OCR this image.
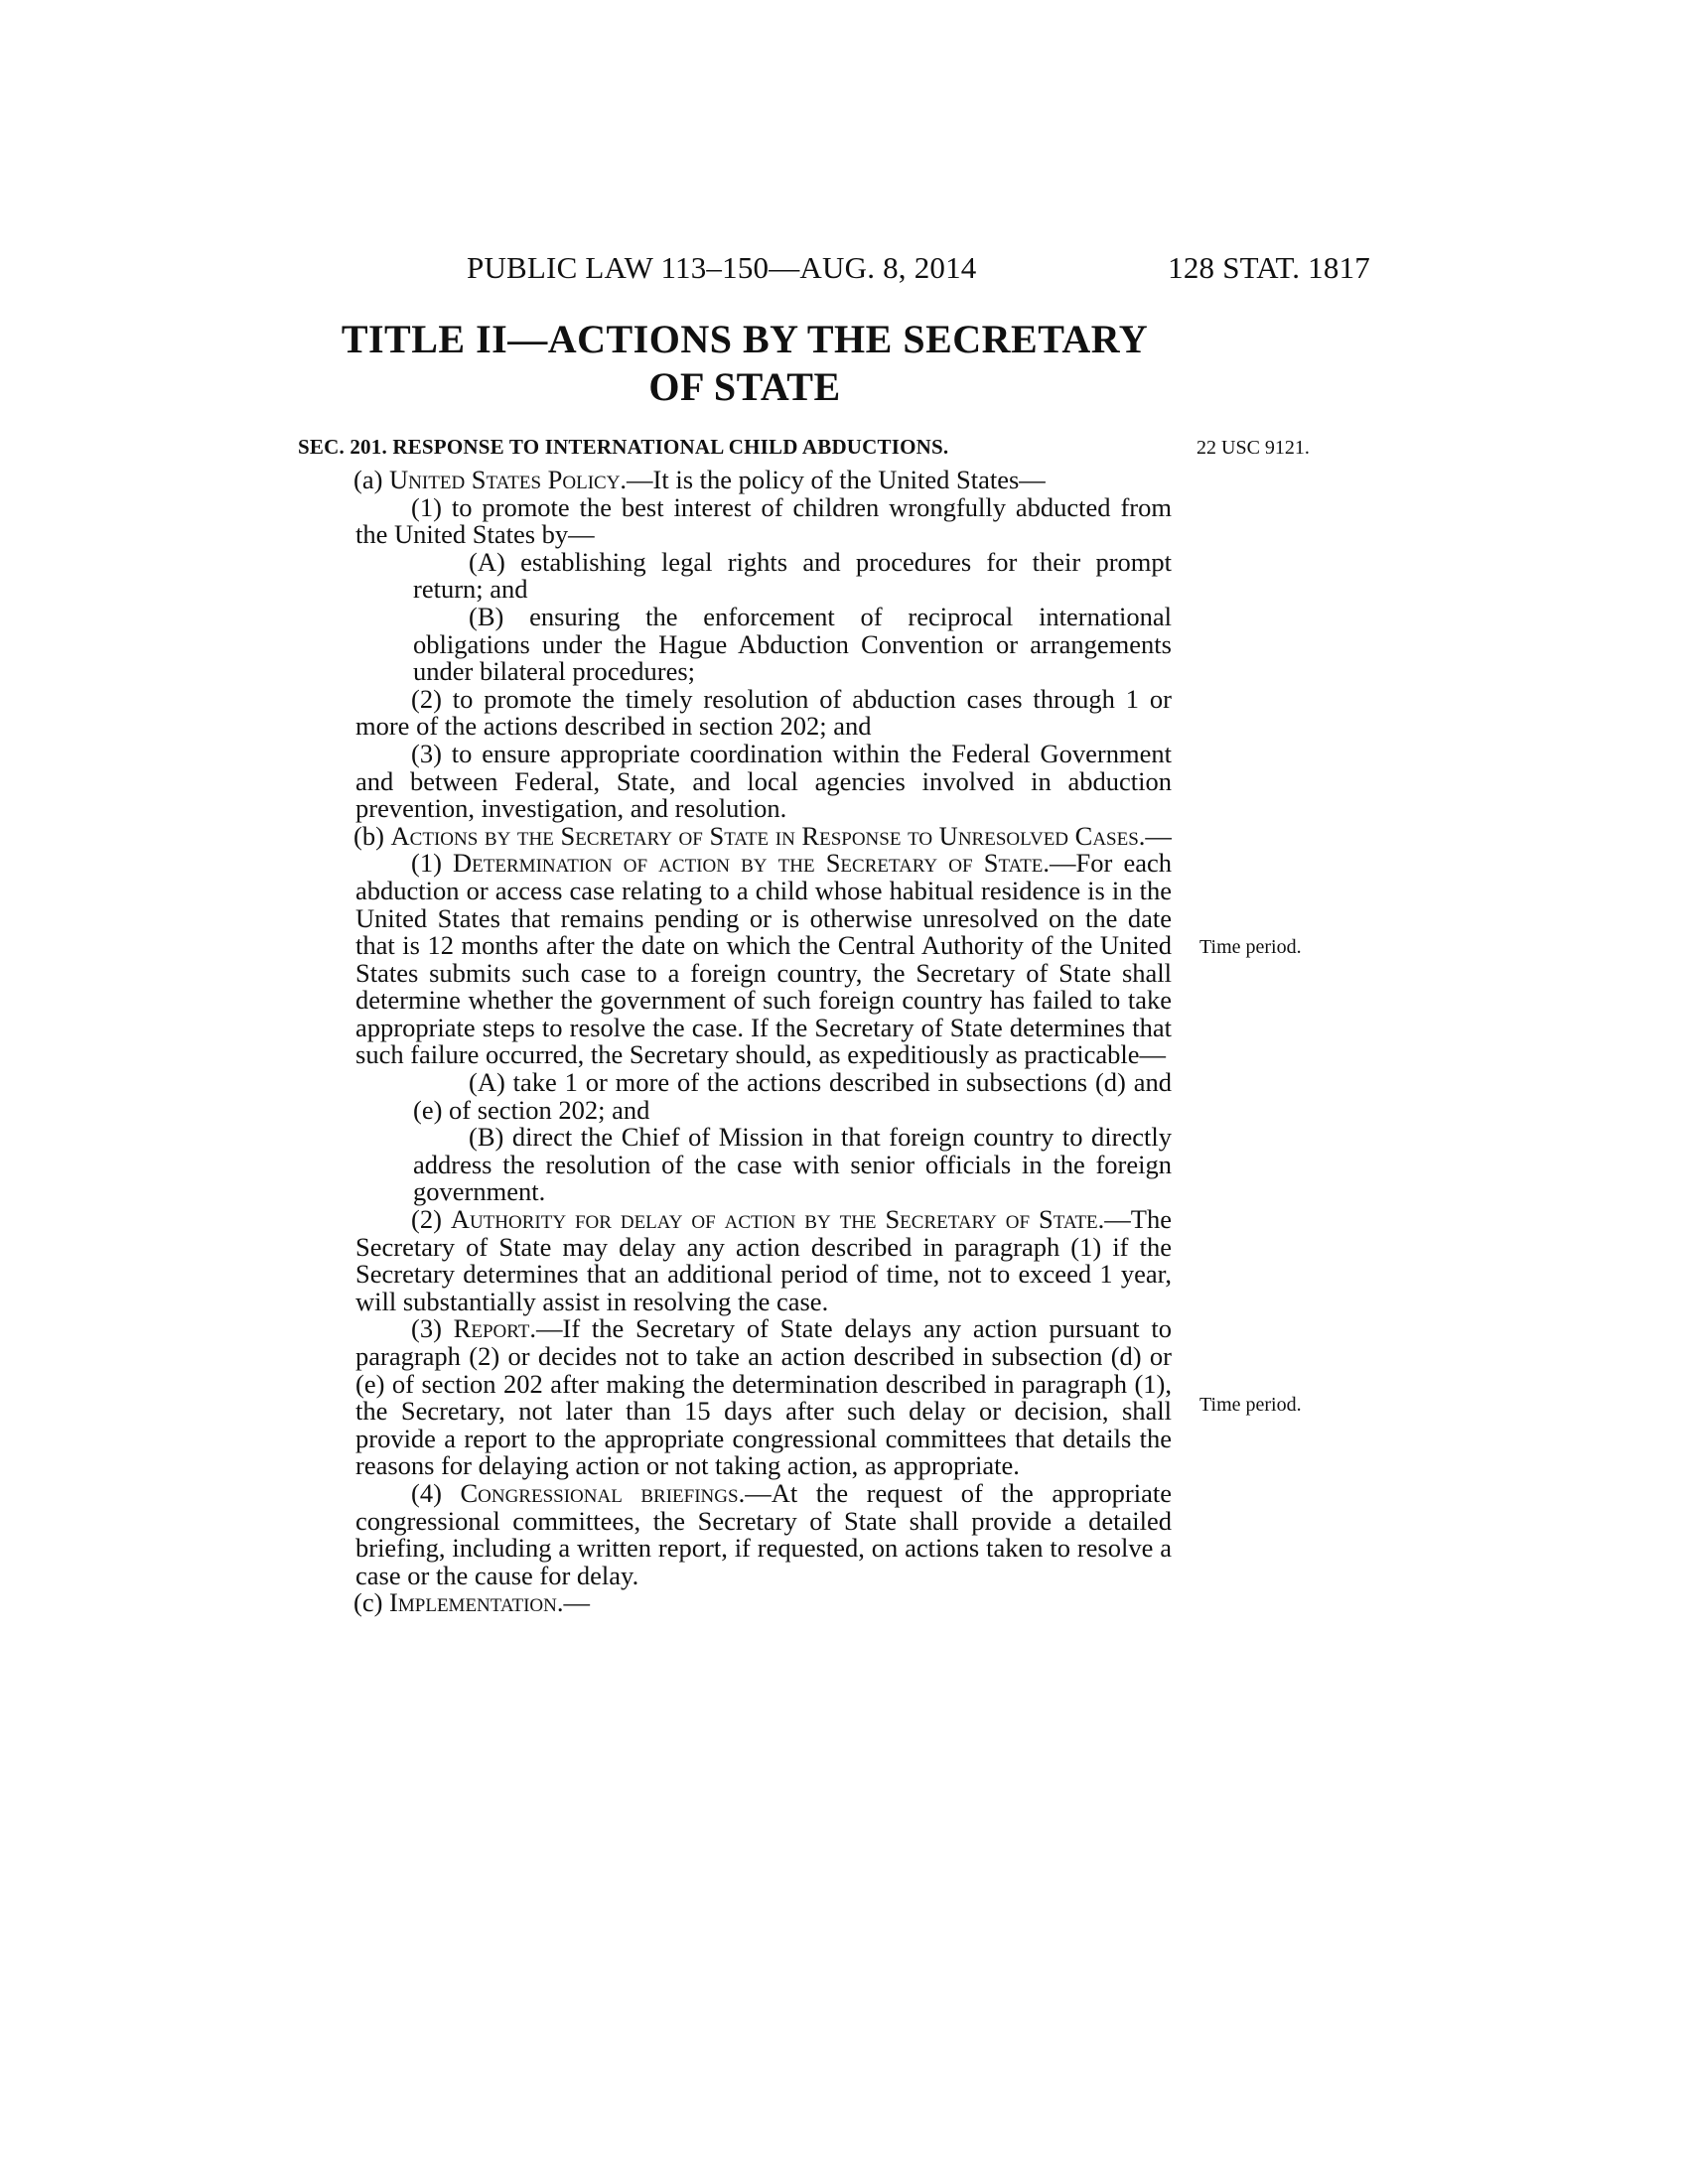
PUBLIC LAW 113–150—AUG. 8, 2014	128 STAT. 1817
TITLE II—ACTIONS BY THE SECRETARY
OF STATE
SEC. 201. RESPONSE TO INTERNATIONAL CHILD ABDUCTIONS.	22 USC 9121.
Time period.
Time period.

(a) United States Policy.—It is the policy of the United States—

(1) to promote the best interest of children wrongfully abducted from the United States by—

(A) establishing legal rights and procedures for their prompt return; and

(B) ensuring the enforcement of reciprocal international obligations under the Hague Abduction Convention or arrangements under bilateral procedures;

(2) to promote the timely resolution of abduction cases through 1 or more of the actions described in section 202; and

(3) to ensure appropriate coordination within the Federal Government and between Federal, State, and local agencies involved in abduction prevention, investigation, and resolution.

(b) Actions by the Secretary of State in Response to Unresolved Cases.—

(1) Determination of action by the Secretary of State.—For each abduction or access case relating to a child whose habitual residence is in the United States that remains pending or is otherwise unresolved on the date that is 12 months after the date on which the Central Authority of the United States submits such case to a foreign country, the Secretary of State shall determine whether the government of such foreign country has failed to take appropriate steps to resolve the case. If the Secretary of State determines that such failure occurred, the Secretary should, as expeditiously as practicable—

(A) take 1 or more of the actions described in subsections (d) and (e) of section 202; and

(B) direct the Chief of Mission in that foreign country to directly address the resolution of the case with senior officials in the foreign government.

(2) Authority for delay of action by the Secretary of State.—The Secretary of State may delay any action described in paragraph (1) if the Secretary determines that an additional period of time, not to exceed 1 year, will substantially assist in resolving the case.

(3) Report.—If the Secretary of State delays any action pursuant to paragraph (2) or decides not to take an action described in subsection (d) or (e) of section 202 after making the determination described in paragraph (1), the Secretary, not later than 15 days after such delay or decision, shall provide a report to the appropriate congressional committees that details the reasons for delaying action or not taking action, as appropriate.

(4) Congressional briefings.—At the request of the appropriate congressional committees, the Secretary of State shall provide a detailed briefing, including a written report, if requested, on actions taken to resolve a case or the cause for delay.

(c) Implementation.—
